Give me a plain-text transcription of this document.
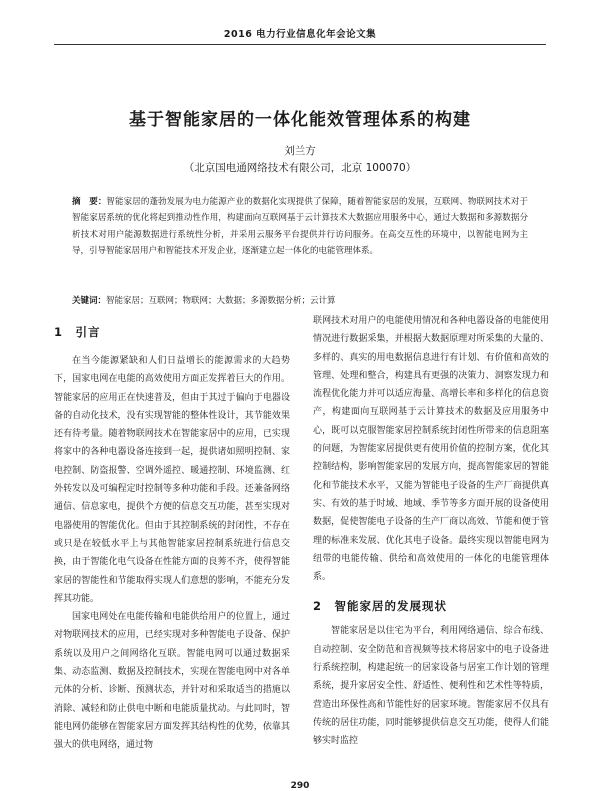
2016 电力行业信息化年会论文集
基于智能家居的一体化能效管理体系的构建
刘兰方
（北京国电通网络技术有限公司，北京 100070）
摘　要：智能家居的蓬勃发展为电力能源产业的数据化实现提供了保障，随着智能家居的发展，互联网、物联网技术对于智能家居系统的优化将起到推动性作用，构建面向互联网基于云计算技术大数据应用服务中心，通过大数据和多源数据分析技术对用户能源数据进行系统性分析，并采用云服务平台提供并行访问服务。在高交互性的环境中，以智能电网为主导，引导智能家居用户和智能技术开发企业，逐渐建立起一体化的电能管理体系。
关键词：智能家居；互联网；物联网；大数据；多源数据分析；云计算
1　引言

在当今能源紧缺和人们日益增长的能源需求的大趋势下，国家电网在电能的高效使用方面正发挥着巨大的作用。智能家居的应用正在快速普及，但由于其过于偏向于电器设备的自动化技术，没有实现智能的整体性设计，其节能效果还有待考量。随着物联网技术在智能家居中的应用，已实现将家中的各种电器设备连接到一起，提供诸如照明控制、家电控制、防盗报警、空调外遥控、暖通控制、环境监测、红外转发以及可编程定时控制等多种功能和手段。还兼备网络通信、信息家电，提供个方便的信息交互功能，甚至实现对电器使用的智能优化。但由于其控制系统的封闭性，不存在或只是在较低水平上与其他智能家居控制系统进行信息交换，由于智能化电气设备在性能方面的良莠不齐，使得智能家居的智能性和节能取得实现人们意想的影响，不能充分发挥其功能。

国家电网处在电能传输和电能供给用户的位置上，通过对物联网技术的应用，已经实现对多种智能电子设备、保护系统以及用户之间网络化互联。智能电网可以通过数据采集、动态监测、数据及控制技术，实现在智能电网中对各单元体的分析、诊断、预测状态，并针对和采取适当的措施以消除、减轻和防止供电中断和电能质量扰动。与此同时，智能电网仍能够在智能家居方面发挥其结构性的优势，依靠其强大的供电网络，通过物

联网技术对用户的电能使用情况和各种电器设备的电能使用情况进行数据采集，并根据大数据原理对所采集的大量的、多样的、真实的用电数据信息进行有计划、有价值和高效的管理、处理和整合，构建具有更强的决策力、洞察发现力和流程优化能力并可以适应海量、高增长率和多样化的信息资产，构建面向互联网基于云计算技术的数据及应用服务中心，既可以克服智能家居控制系统封闭性所带来的信息阻塞的问题，为智能家居提供更有使用价值的控制方案，优化其控制结构，影响智能家居的发展方向，提高智能家居的智能化和节能技术水平，又能为智能电子设备的生产厂商提供真实、有效的基于时域、地域、季节等多方面开展的设备使用数据，促使智能电子设备的生产厂商以高效、节能和便于管理的标准来发展、优化其电子设备。最终实现以智能电网为纽带的电能传输、供给和高效使用的一体化的电能管理体系。

2　智能家居的发展现状

智能家居是以住宅为平台，利用网络通信、综合布线、自动控制、安全防范和音视频等技术将居家中的电子设备进行系统控制，构建起统一的居家设备与居室工作计划的管理系统，提升家居安全性、舒适性、便利性和艺术性等特质，营造出环保性高和节能性好的居家环境。智能家居不仅具有传统的居住功能，同时能够提供信息交互功能，使得人们能够实时监控

290
